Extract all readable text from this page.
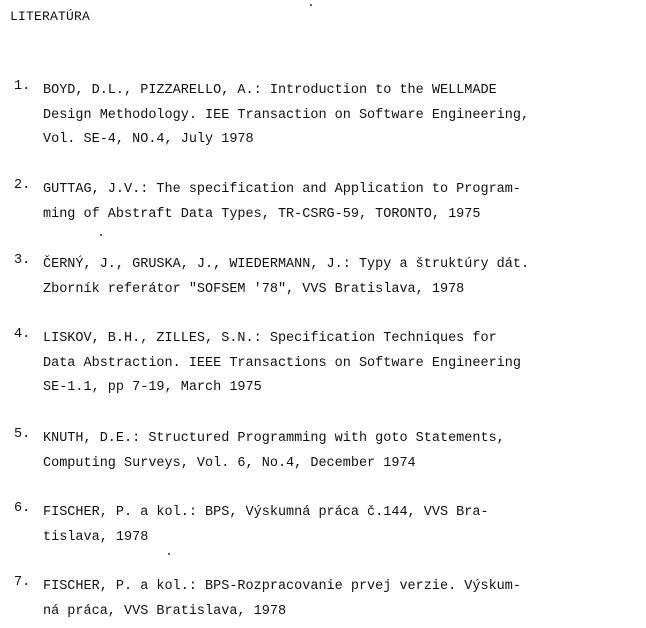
LITERATÚRA
1. BOYD, D.L., PIZZARELLO, A.: Introduction to the WELLMADE
Design Methodology. IEE Transaction on Software Engineering,
Vol. SE-4, NO.4, July 1978
2. GUTTAG, J.V.: The specification and Application to Program-
ming of Abstraft Data Types, TR-CSRG-59, TORONTO, 1975
3. ČERNÝ, J., GRUSKA, J., WIEDERMANN, J.: Typy a štruktúry dát.
Zborník referátor "SOFSEM '78", VVS Bratislava, 1978
4. LISKOV, B.H., ZILLES, S.N.: Specification Techniques for
Data Abstraction. IEEE Transactions on Software Engineering
SE-1.1, pp 7-19, March 1975
5. KNUTH, D.E.: Structured Programming with goto Statements,
Computing Surveys, Vol. 6, No.4, December 1974
6. FISCHER, P. a kol.: BPS, Výskumná práca č.144, VVS Bra-
tislava, 1978
7. FISCHER, P. a kol.: BPS-Rozpracovanie prvej verzie. Výskum-
ná práca, VVS Bratislava, 1978
